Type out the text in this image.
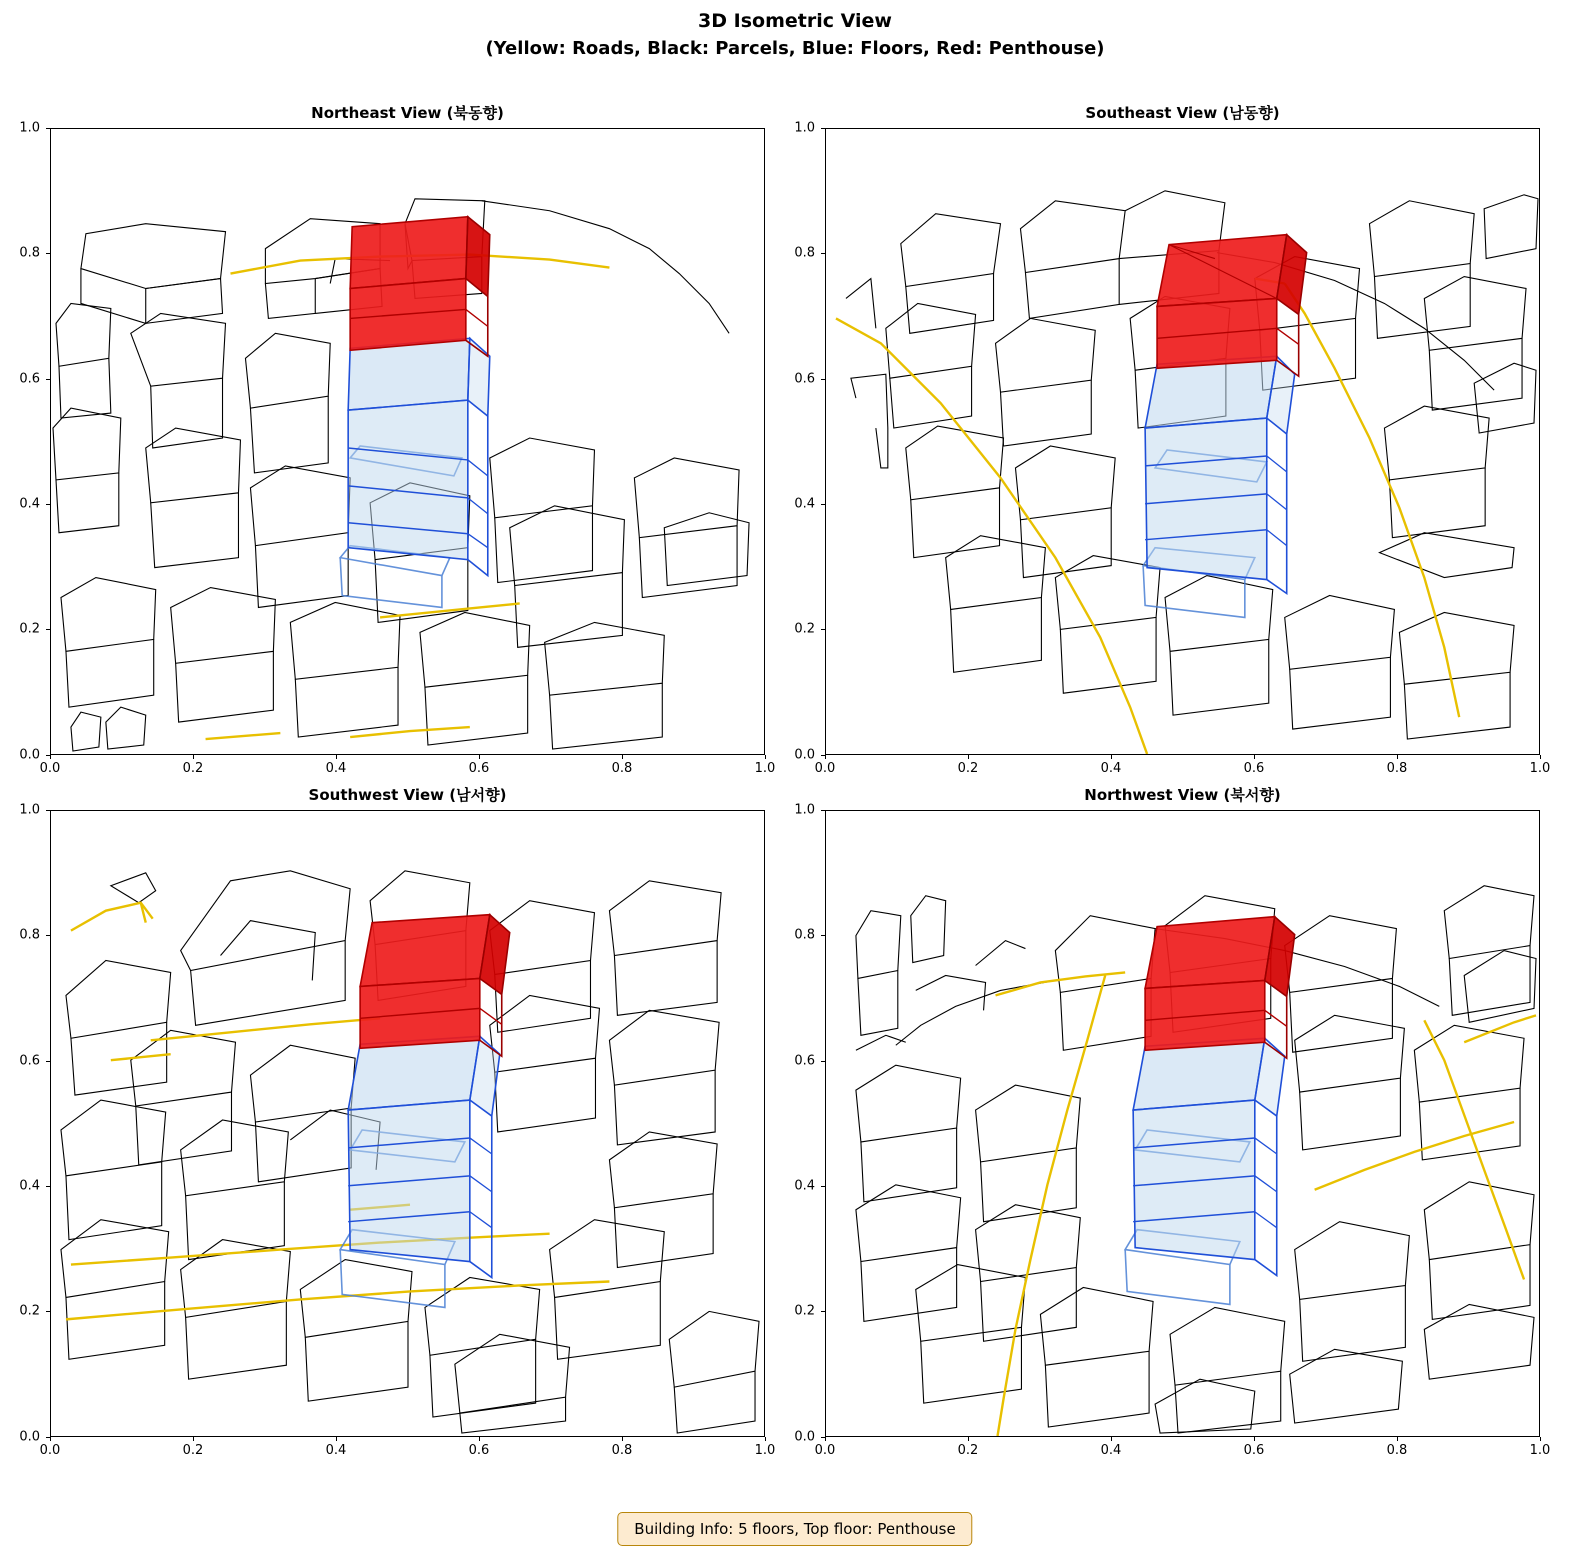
3D Isometric View
(Yellow: Roads, Black: Parcels, Blue: Floors, Red: Penthouse)
Northeast View (북동향)
0.0	0.2	0.4	0.6	0.8	1.0
0.0
0.2
0.4
0.6
0.8
1.0
Southeast View (남동향)
0.0	0.2	0.4	0.6	0.8	1.0
0.0
0.2
0.4
0.6
0.8
1.0
Southwest View (남서향)
0.0	0.2	0.4	0.6	0.8	1.0
0.0
0.2
0.4
0.6
0.8
1.0
Northwest View (북서향)
0.0	0.2	0.4	0.6	0.8	1.0
0.0
0.2
0.4
0.6
0.8
1.0
Building Info: 5 floors, Top floor: Penthouse
